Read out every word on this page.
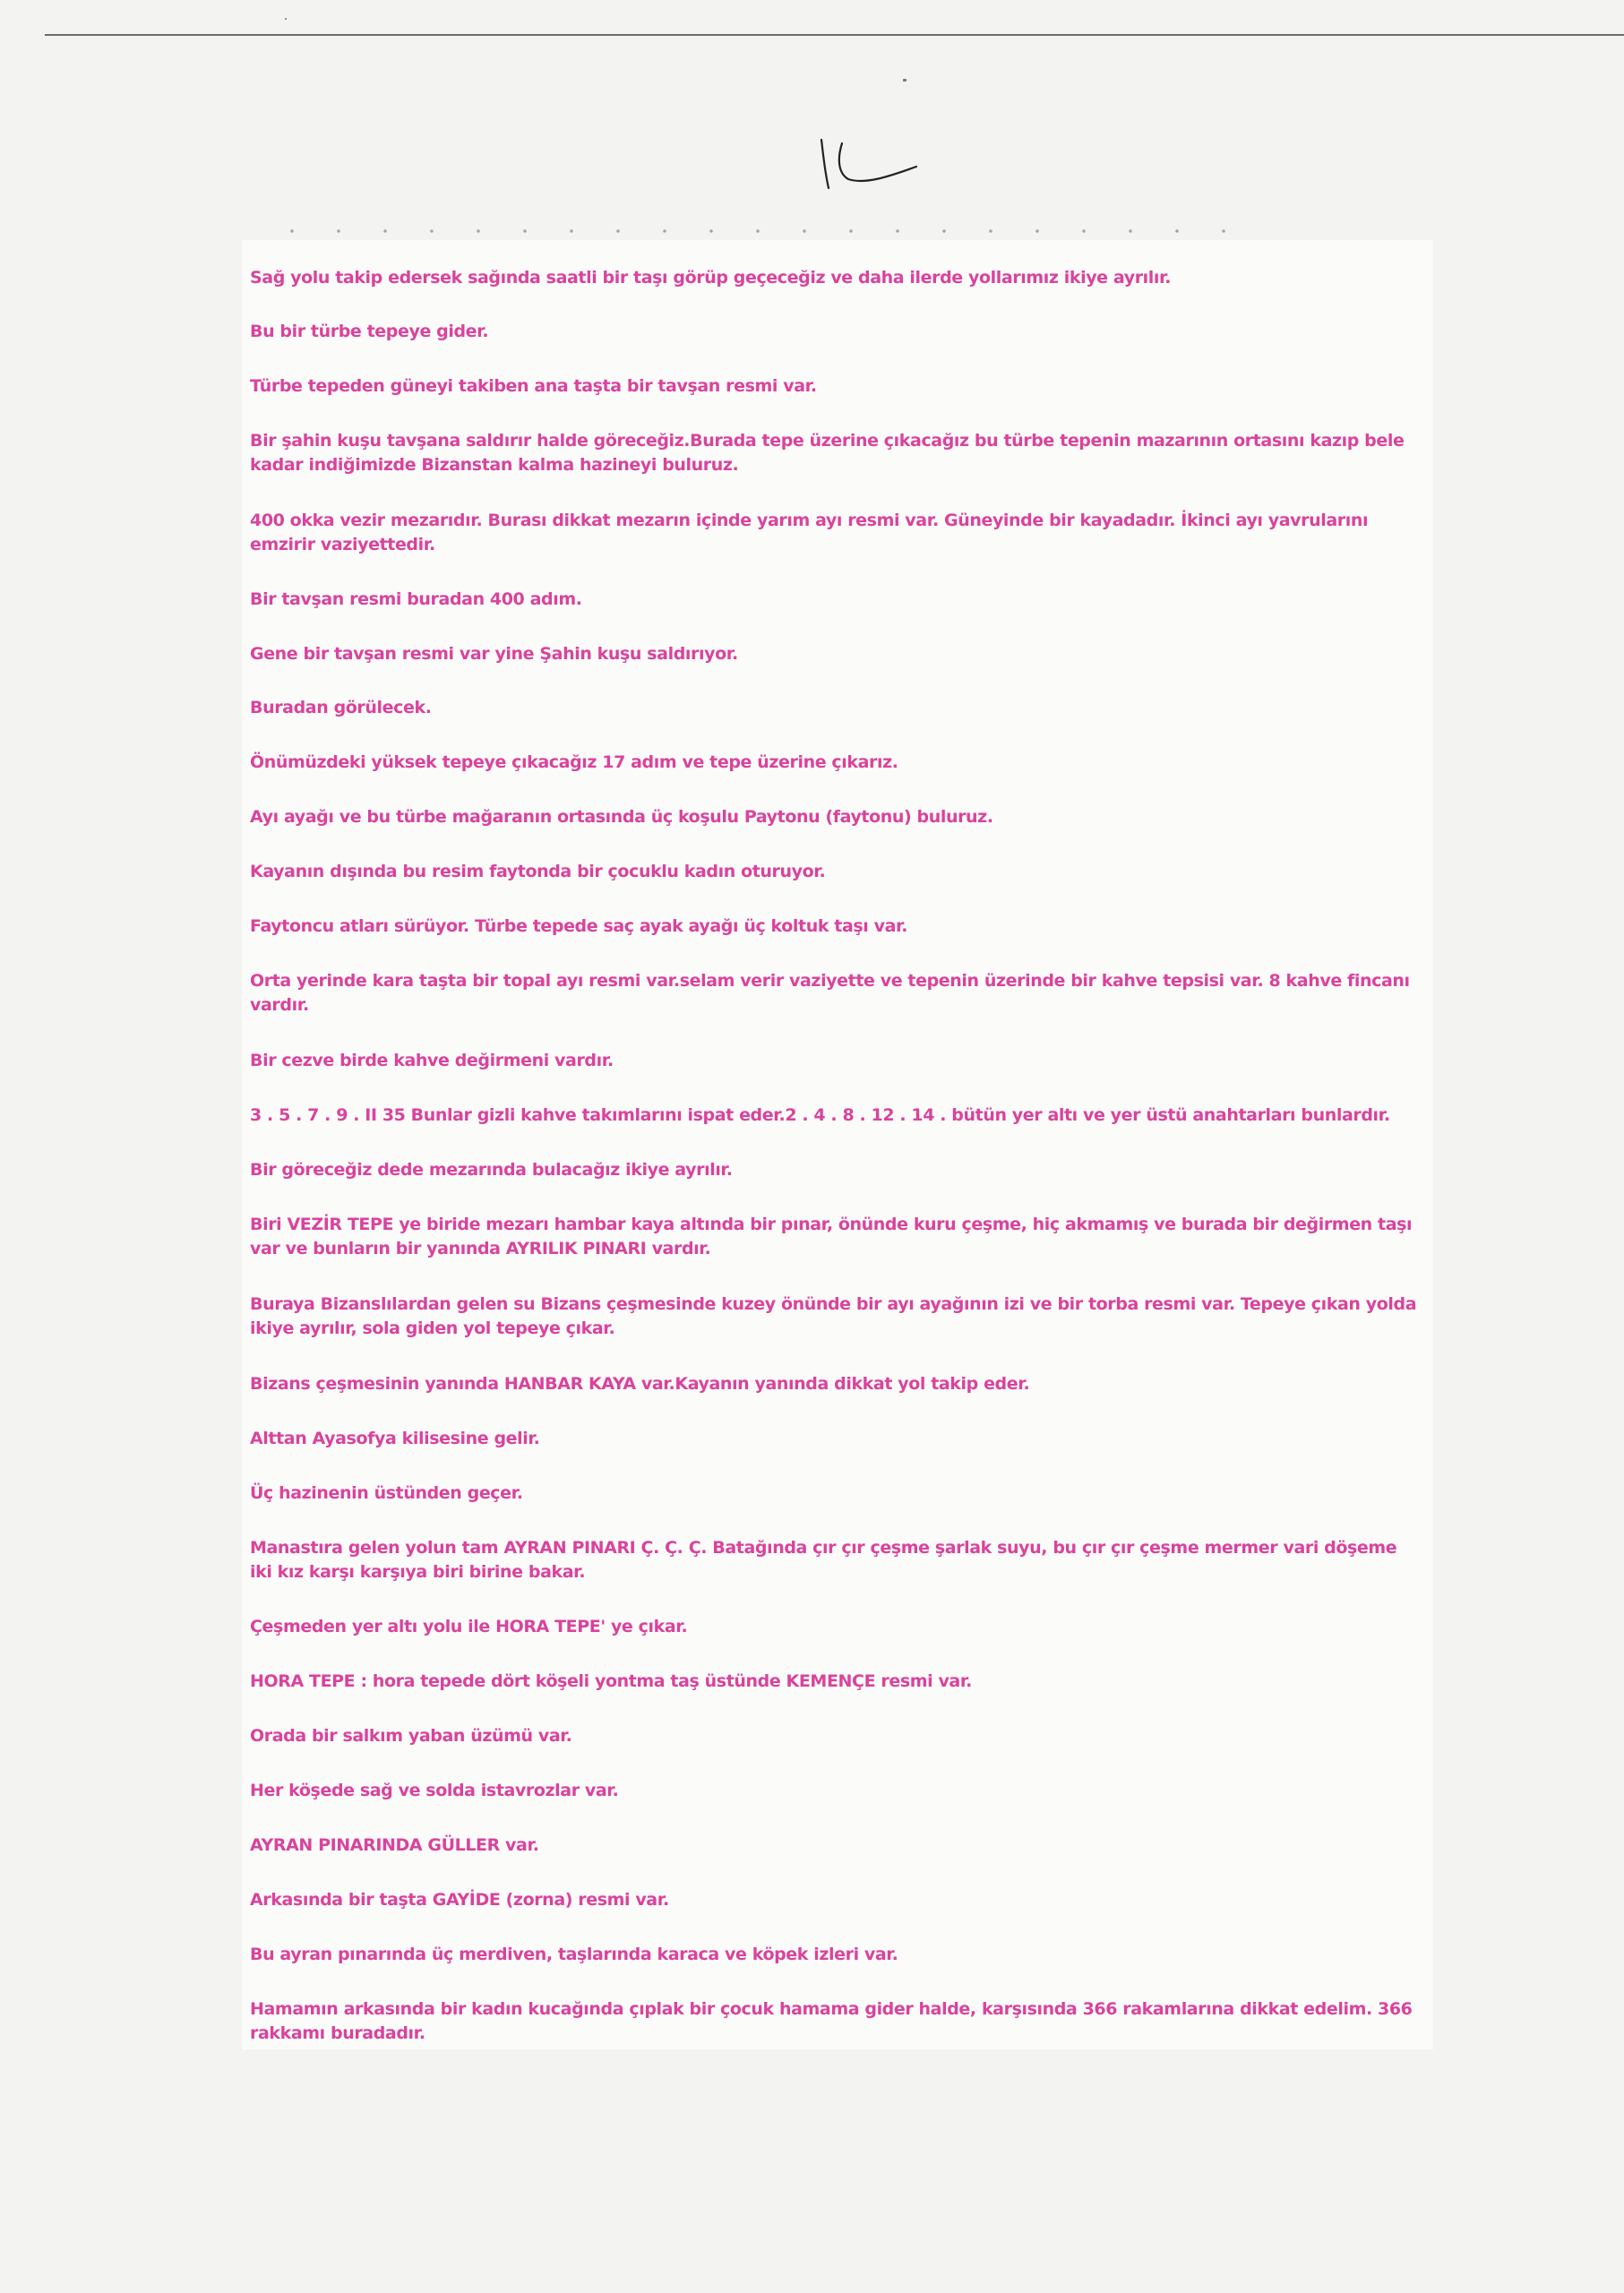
Sağ yolu takip edersek sağında saatli bir taşı görüp geçeceğiz ve daha ilerde yollarımız ikiye ayrılır.

Bu bir türbe tepeye gider.

Türbe tepeden güneyi takiben ana taşta bir tavşan resmi var.

Bir şahin kuşu tavşana saldırır halde göreceğiz.Burada tepe üzerine çıkacağız bu türbe tepenin mazarının ortasını kazıp bele kadar indiğimizde Bizanstan kalma hazineyi buluruz.

400 okka vezir mezarıdır. Burası dikkat mezarın içinde yarım ayı resmi var. Güneyinde bir kayadadır. İkinci ayı yavrularını emzirir vaziyettedir.

Bir tavşan resmi buradan 400 adım.

Gene bir tavşan resmi var yine Şahin kuşu saldırıyor.

Buradan görülecek.

Önümüzdeki yüksek tepeye çıkacağız 17 adım ve tepe üzerine çıkarız.

Ayı ayağı ve bu türbe mağaranın ortasında üç koşulu Paytonu (faytonu) buluruz.

Kayanın dışında bu resim faytonda bir çocuklu kadın oturuyor.

Faytoncu atları sürüyor. Türbe tepede saç ayak ayağı üç koltuk taşı var.

Orta yerinde kara taşta bir topal ayı resmi var.selam verir vaziyette ve tepenin üzerinde bir kahve tepsisi var. 8 kahve fincanı vardır.

Bir cezve birde kahve değirmeni vardır.

3 . 5 . 7 . 9 . II 35 Bunlar gizli kahve takımlarını ispat eder.2 . 4 . 8 . 12 . 14 . bütün yer altı ve yer üstü anahtarları bunlardır.

Bir göreceğiz dede mezarında bulacağız ikiye ayrılır.

Biri VEZİR TEPE ye biride mezarı hambar kaya altında bir pınar, önünde kuru çeşme, hiç akmamış ve burada bir değirmen taşı var ve bunların bir yanında AYRILIK PINARI vardır.

Buraya Bizanslılardan gelen su Bizans çeşmesinde kuzey önünde bir ayı ayağının izi ve bir torba resmi var. Tepeye çıkan yolda ikiye ayrılır, sola giden yol tepeye çıkar.

Bizans çeşmesinin yanında HANBAR KAYA var.Kayanın yanında dikkat yol takip eder.

Alttan Ayasofya kilisesine gelir.

Üç hazinenin üstünden geçer.

Manastıra gelen yolun tam AYRAN PINARI Ç. Ç. Ç. Batağında çır çır çeşme şarlak suyu, bu çır çır çeşme mermer vari döşeme iki kız karşı karşıya biri birine bakar.

Çeşmeden yer altı yolu ile HORA TEPE' ye çıkar.

HORA TEPE : hora tepede dört köşeli yontma taş üstünde KEMENÇE resmi var.

Orada bir salkım yaban üzümü var.

Her köşede sağ ve solda istavrozlar var.

AYRAN PINARINDA GÜLLER var.

Arkasında bir taşta GAYİDE (zorna) resmi var.

Bu ayran pınarında üç merdiven, taşlarında karaca ve köpek izleri var.

Hamamın arkasında bir kadın kucağında çıplak bir çocuk hamama gider halde, karşısında 366 rakamlarına dikkat edelim. 366 rakkamı buradadır.
